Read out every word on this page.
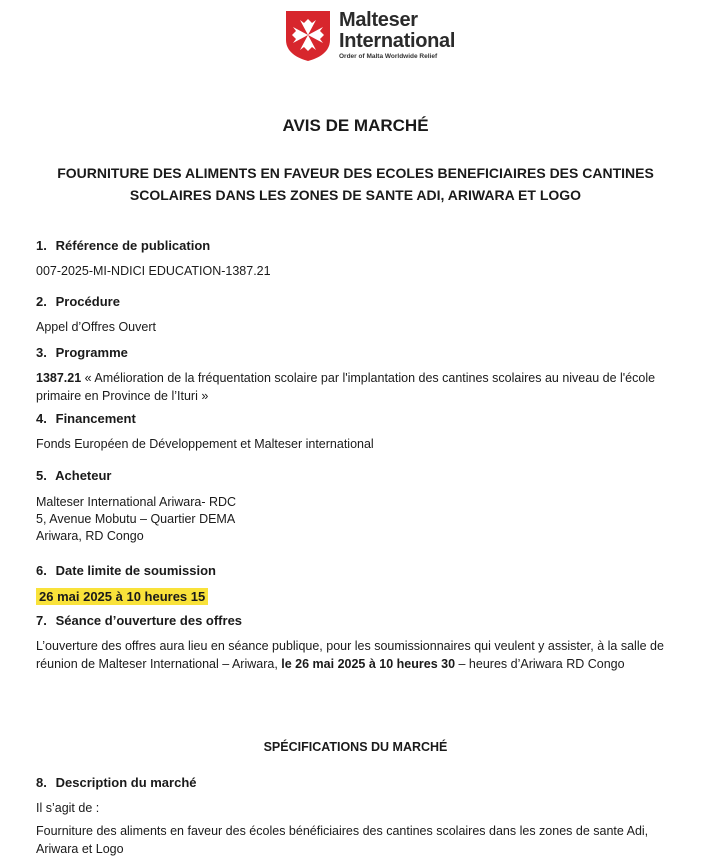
Malteser
International
Order of Malta Worldwide Relief
AVIS DE MARCHÉ
FOURNITURE DES ALIMENTS EN FAVEUR DES ECOLES BENEFICIAIRES DES CANTINES
SCOLAIRES DANS LES ZONES DE SANTE ADI, ARIWARA ET LOGO
1. Référence de publication
007-2025-MI-NDICI EDUCATION-1387.21
2. Procédure
Appel d’Offres Ouvert
3. Programme
1387.21 « Amélioration de la fréquentation scolaire par l'implantation des cantines scolaires au niveau de l'école primaire en Province de l’Ituri »
4. Financement
Fonds Européen de Développement et Malteser international
5. Acheteur
Malteser International Ariwara- RDC
5, Avenue Mobutu – Quartier DEMA
Ariwara, RD Congo
6. Date limite de soumission
26 mai 2025 à 10 heures 15
7. Séance d’ouverture des offres
L’ouverture des offres aura lieu en séance publique, pour les soumissionnaires qui veulent y assister, à la salle de réunion de Malteser International – Ariwara, le 26 mai 2025 à 10 heures 30 – heures d’Ariwara RD Congo
SPÉCIFICATIONS DU MARCHÉ
8. Description du marché
Il s’agit de :
Fourniture des aliments en faveur des écoles bénéficiaires des cantines scolaires dans les zones de sante Adi, Ariwara et Logo
